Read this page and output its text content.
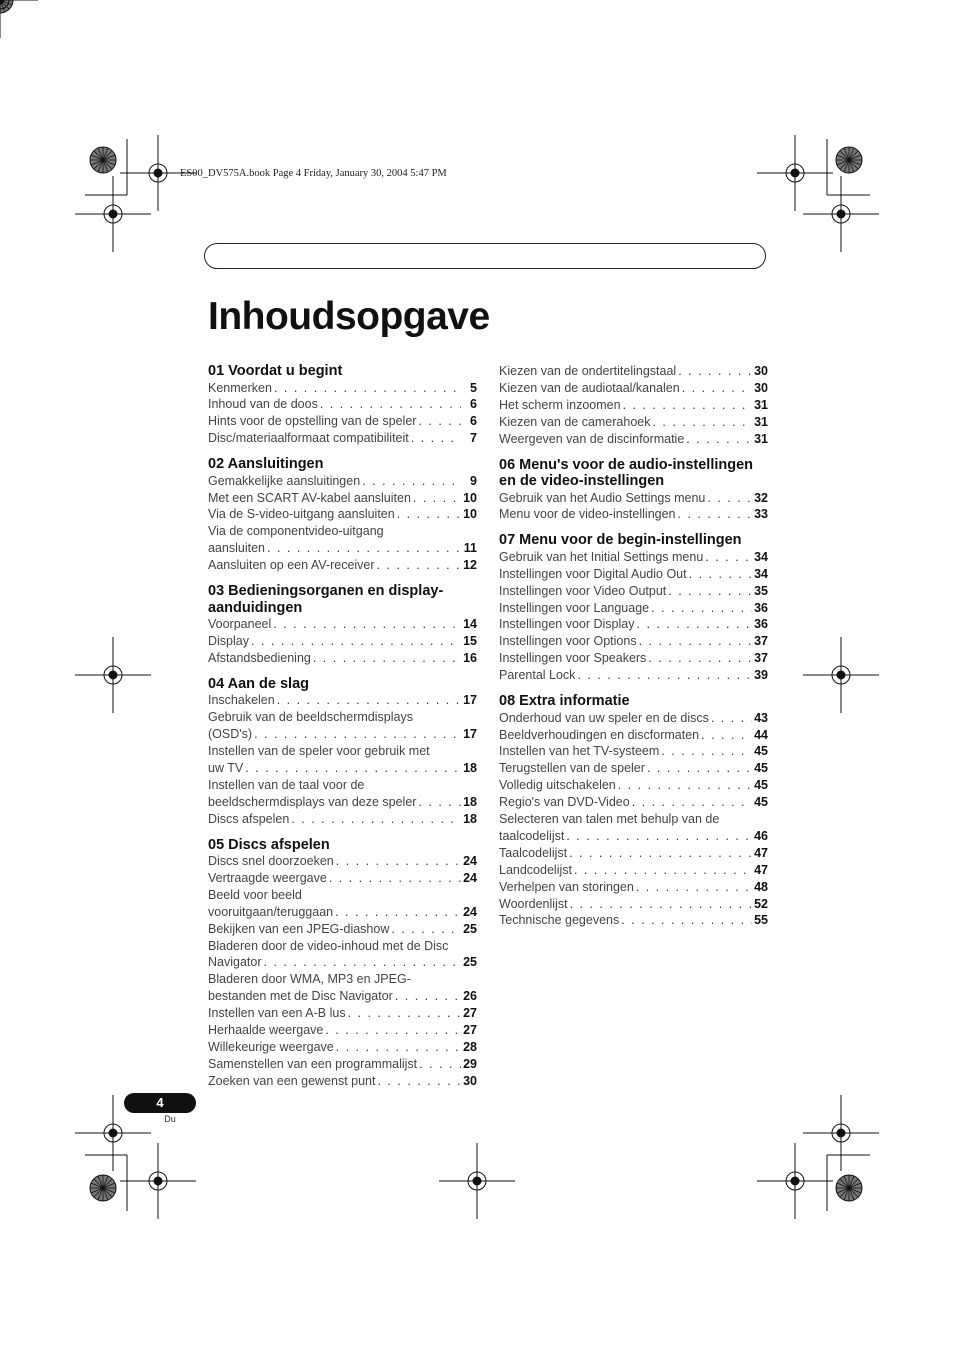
ES00_DV575A.book Page 4 Friday, January 30, 2004 5:47 PM
Inhoudsopgave
01 Voordat u begint
Kenmerken . . .	5
Inhoud van de doos . . .	6
Hints voor de opstelling van de speler . . .	6
Disc/materiaalformaat compatibiliteit . . .	7
02 Aansluitingen
Gemakkelijke aansluitingen . . .	9
Met een SCART AV-kabel aansluiten . . .	10
Via de S-video-uitgang aansluiten . . .	10
Via de componentvideo-uitgang
aansluiten . . .	11
Aansluiten op een AV-receiver . . .	12
03 Bedieningsorganen en display-aanduidingen
Voorpaneel . . .	14
Display . . .	15
Afstandsbediening . . .	16
04 Aan de slag
Inschakelen . . .	17
Gebruik van de beeldschermdisplays
(OSD's) . . .	17
Instellen van de speler voor gebruik met
uw TV . . .	18
Instellen van de taal voor de
beeldschermdisplays van deze speler . . .	18
Discs afspelen . . .	18
05 Discs afspelen
Discs snel doorzoeken . . .	24
Vertraagde weergave . . .	24
Beeld voor beeld
vooruitgaan/teruggaan . . .	24
Bekijken van een JPEG-diashow . . .	25
Bladeren door de video-inhoud met de Disc
Navigator . . .	25
Bladeren door WMA, MP3 en JPEG-
bestanden met de Disc Navigator . . .	26
Instellen van een A-B lus . . .	27
Herhaalde weergave . . .	27
Willekeurige weergave . . .	28
Samenstellen van een programmalijst . . .	29
Zoeken van een gewenst punt . . .	30
Kiezen van de ondertitelingstaal . . .	30
Kiezen van de audiotaal/kanalen . . .	30
Het scherm inzoomen . . .	31
Kiezen van de camerahoek . . .	31
Weergeven van de discinformatie . . .	31
06 Menu's voor de audio-instellingen en de video-instellingen
Gebruik van het Audio Settings menu . . .	32
Menu voor de video-instellingen . . .	33
07 Menu voor de begin-instellingen
Gebruik van het Initial Settings menu . . .	34
Instellingen voor Digital Audio Out . . .	34
Instellingen voor Video Output . . .	35
Instellingen voor Language . . .	36
Instellingen voor Display . . .	36
Instellingen voor Options . . .	37
Instellingen voor Speakers . . .	37
Parental Lock . . .	39
08 Extra informatie
Onderhoud van uw speler en de discs . . .	43
Beeldverhoudingen en discformaten . . .	44
Instellen van het TV-systeem . . .	45
Terugstellen van de speler . . .	45
Volledig uitschakelen . . .	45
Regio's van DVD-Video . . .	45
Selecteren van talen met behulp van de
taalcodelijst . . .	46
Taalcodelijst . . .	47
Landcodelijst . . .	47
Verhelpen van storingen . . .	48
Woordenlijst . . .	52
Technische gegevens . . .	55
4
Du
